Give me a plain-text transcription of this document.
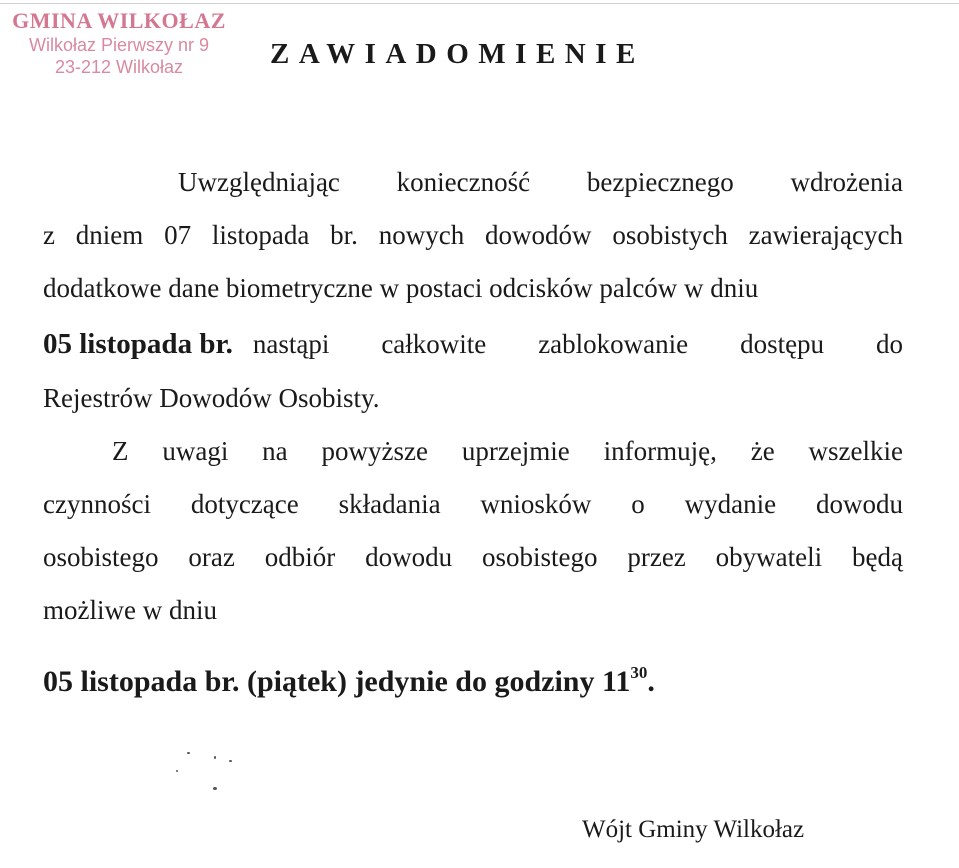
GMINA WILKOŁAZ
Wilkołaz Pierwszy nr 9
23-212 Wilkołaz	ZAWIADOMIENIE
Uwzględniając konieczność bezpiecznego wdrożenia
z dniem 07 listopada br. nowych dowodów osobistych zawierających
dodatkowe dane biometryczne w postaci odcisków palców w dniu
05 listopada br. nastąpi całkowite zablokowanie dostępu do
Rejestrów Dowodów Osobisty.
Z uwagi na powyższe uprzejmie informuję, że wszelkie
czynności dotyczące składania wniosków o wydanie dowodu
osobistego oraz odbiór dowodu osobistego przez obywateli będą
możliwe w dniu
05 listopada br. (piątek) jedynie do godziny $11^{30}$.
Wójt Gminy Wilkołaz
